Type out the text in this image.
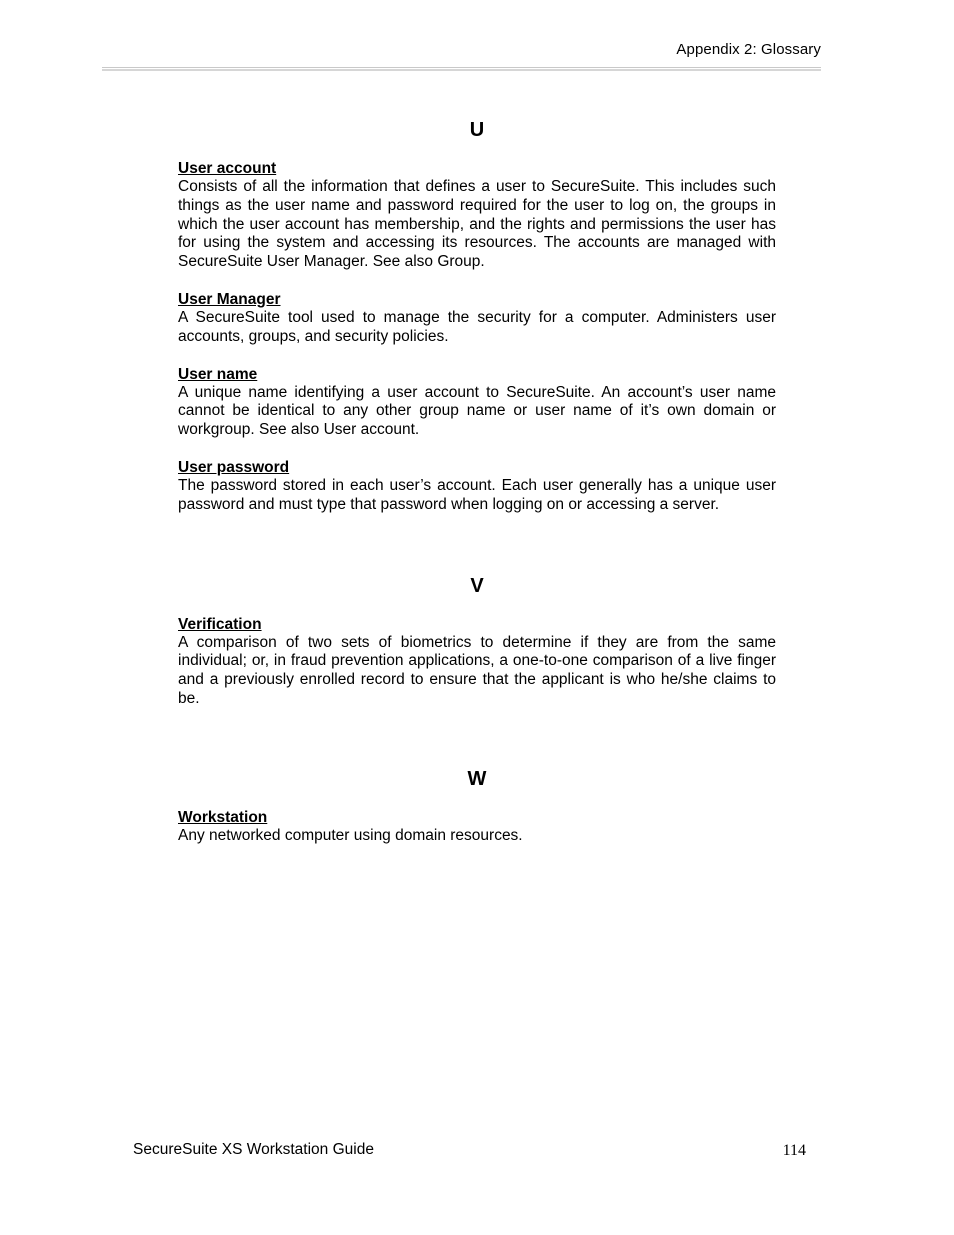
Appendix 2: Glossary
U
User account

Consists of all the information that defines a user to SecureSuite. This includes such things as the user name and password required for the user to log on, the groups in which the user account has membership, and the rights and permissions the user has for using the system and accessing its resources. The accounts are managed with SecureSuite User Manager. See also Group.

User Manager

A SecureSuite tool used to manage the security for a computer. Administers user accounts, groups, and security policies.

User name

A unique name identifying a user account to SecureSuite. An account’s user name cannot be identical to any other group name or user name of it’s own domain or workgroup. See also User account.

User password

The password stored in each user’s account. Each user generally has a unique user password and must type that password when logging on or accessing a server.

V
Verification

A comparison of two sets of biometrics to determine if they are from the same individual; or, in fraud prevention applications, a one-to-one comparison of a live finger and a previously enrolled record to ensure that the applicant is who he/she claims to be.

W
Workstation

Any networked computer using domain resources.

SecureSuite XS Workstation Guide	114
